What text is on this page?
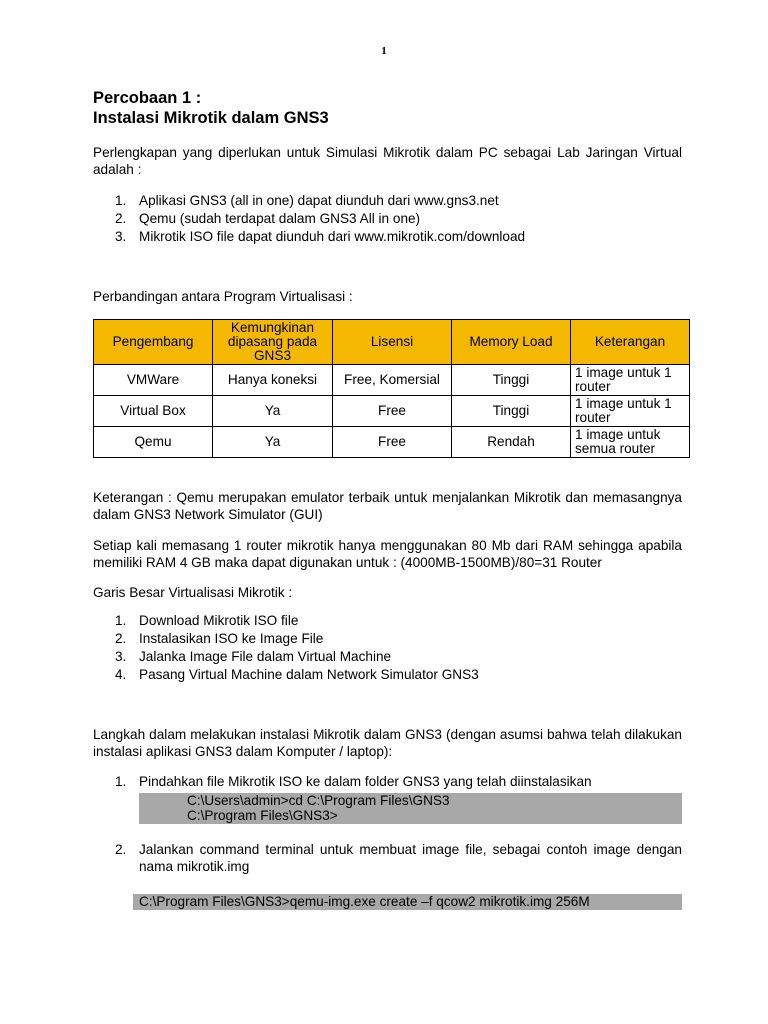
1
Percobaan 1 :
Instalasi Mikrotik dalam GNS3
Perlengkapan yang diperlukan untuk Simulasi Mikrotik dalam PC sebagai Lab Jaringan Virtual adalah :
1. Aplikasi GNS3 (all in one) dapat diunduh dari www.gns3.net
2. Qemu (sudah terdapat dalam GNS3 All in one)
3. Mikrotik ISO file dapat diunduh dari www.mikrotik.com/download
Perbandingan antara Program Virtualisasi :
Pengembang	Kemungkinan dipasang pada GNS3	Lisensi	Memory Load	Keterangan
VMWare	Hanya koneksi	Free, Komersial	Tinggi	1 image untuk 1 router
Virtual Box	Ya	Free	Tinggi	1 image untuk 1 router
Qemu	Ya	Free	Rendah	1 image untuk semua router
Keterangan : Qemu merupakan emulator terbaik untuk menjalankan Mikrotik dan memasangnya dalam GNS3 Network Simulator (GUI)
Setiap kali memasang 1 router mikrotik hanya menggunakan 80 Mb dari RAM sehingga apabila memiliki RAM 4 GB maka dapat digunakan untuk : (4000MB-1500MB)/80=31 Router
Garis Besar Virtualisasi Mikrotik :
1. Download Mikrotik ISO file
2. Instalasikan ISO ke Image File
3. Jalanka Image File dalam Virtual Machine
4. Pasang Virtual Machine dalam Network Simulator GNS3
Langkah dalam melakukan instalasi Mikrotik dalam GNS3 (dengan asumsi bahwa telah dilakukan instalasi aplikasi GNS3 dalam Komputer / laptop):
1. Pindahkan file Mikrotik ISO ke dalam folder GNS3 yang telah diinstalasikan
C:\Users\admin>cd C:\Program Files\GNS3
C:\Program Files\GNS3>
2. Jalankan command terminal untuk membuat image file, sebagai contoh image dengan nama mikrotik.img
C:\Program Files\GNS3>qemu-img.exe create –f qcow2 mikrotik.img 256M
